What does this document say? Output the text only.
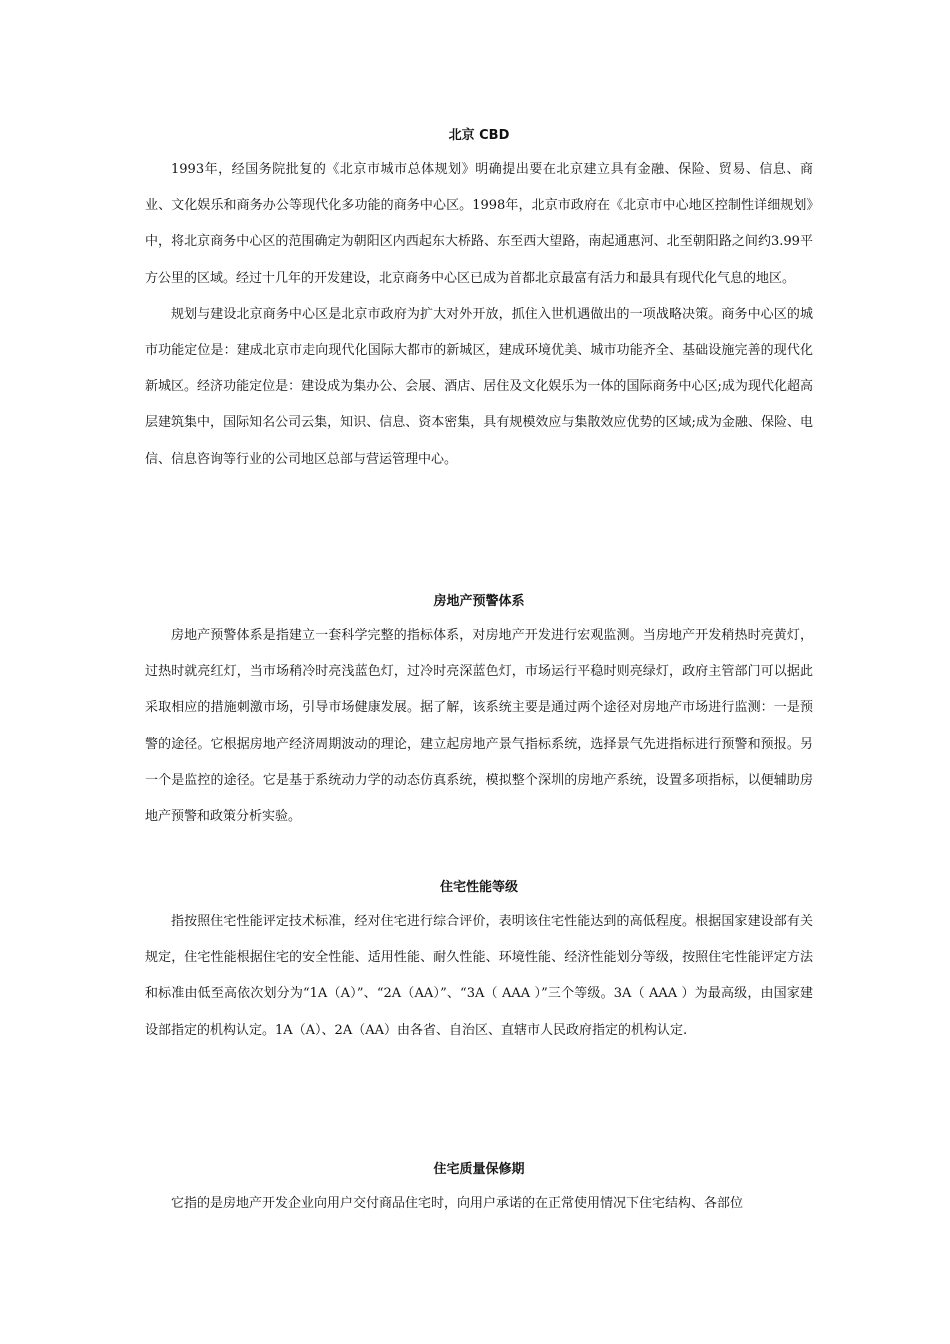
北京 CBD

1993年，经国务院批复的《北京市城市总体规划》明确提出要在北京建立具有金融、保险、贸易、信息、商业、文化娱乐和商务办公等现代化多功能的商务中心区。1998年，北京市政府在《北京市中心地区控制性详细规划》中，将北京商务中心区的范围确定为朝阳区内西起东大桥路、东至西大望路，南起通惠河、北至朝阳路之间约3.99平方公里的区域。经过十几年的开发建设，北京商务中心区已成为首都北京最富有活力和最具有现代化气息的地区。

规划与建设北京商务中心区是北京市政府为扩大对外开放，抓住入世机遇做出的一项战略决策。商务中心区的城市功能定位是：建成北京市走向现代化国际大都市的新城区，建成环境优美、城市功能齐全、基础设施完善的现代化新城区。经济功能定位是：建设成为集办公、会展、酒店、居住及文化娱乐为一体的国际商务中心区;成为现代化超高层建筑集中，国际知名公司云集，知识、信息、资本密集，具有规模效应与集散效应优势的区域;成为金融、保险、电信、信息咨询等行业的公司地区总部与营运管理中心。

房地产预警体系

房地产预警体系是指建立一套科学完整的指标体系，对房地产开发进行宏观监测。当房地产开发稍热时亮黄灯，过热时就亮红灯，当市场稍冷时亮浅蓝色灯，过冷时亮深蓝色灯，市场运行平稳时则亮绿灯，政府主管部门可以据此采取相应的措施刺激市场，引导市场健康发展。据了解，该系统主要是通过两个途径对房地产市场进行监测：一是预警的途径。它根据房地产经济周期波动的理论，建立起房地产景气指标系统，选择景气先进指标进行预警和预报。另一个是监控的途径。它是基于系统动力学的动态仿真系统，模拟整个深圳的房地产系统，设置多项指标，以便辅助房地产预警和政策分析实验。

住宅性能等级

指按照住宅性能评定技术标准，经对住宅进行综合评价，表明该住宅性能达到的高低程度。根据国家建设部有关规定，住宅性能根据住宅的安全性能、适用性能、耐久性能、环境性能、经济性能划分等级，按照住宅性能评定方法和标准由低至高依次划分为“1A（A）”、“2A（AA）”、“3A（ AAA ）”三个等级。3A（ AAA ）为最高级，由国家建设部指定的机构认定。1A（A）、2A（AA）由各省、自治区、直辖市人民政府指定的机构认定.

住宅质量保修期

它指的是房地产开发企业向用户交付商品住宅时，向用户承诺的在正常使用情况下住宅结构、各部位
